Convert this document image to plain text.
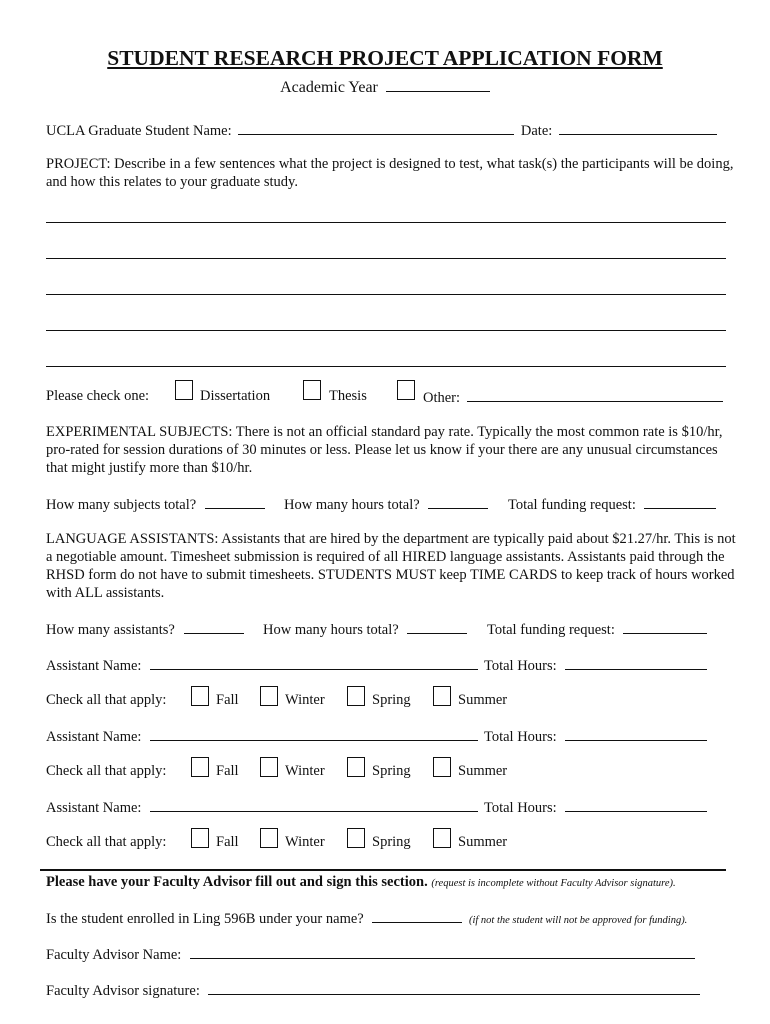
STUDENT RESEARCH PROJECT APPLICATION FORM
Academic Year
UCLA Graduate Student Name:	Date:
PROJECT: Describe in a few sentences what the project is designed to test, what task(s) the participants will be doing, and how this relates to your graduate study.
Please check one:	Dissertation	Thesis	Other:
EXPERIMENTAL SUBJECTS: There is not an official standard pay rate. Typically the most common rate is $10/hr, pro-rated for session durations of 30 minutes or less. Please let us know if your there are any unusual circumstances that might justify more than $10/hr.
How many subjects total?	How many hours total?	Total funding request:
LANGUAGE ASSISTANTS: Assistants that are hired by the department are typically paid about $21.27/hr. This is not a negotiable amount. Timesheet submission is required of all HIRED language assistants. Assistants paid through the RHSD form do not have to submit timesheets. STUDENTS MUST keep TIME CARDS to keep track of hours worked with ALL assistants.
How many assistants?	How many hours total?	Total funding request:
Assistant Name:	Total Hours:
Check all that apply:	Fall	Winter	Spring	Summer
Assistant Name:	Total Hours:
Check all that apply:	Fall	Winter	Spring	Summer
Assistant Name:	Total Hours:
Check all that apply:	Fall	Winter	Spring	Summer
Please have your Faculty Advisor fill out and sign this section. (request is incomplete without Faculty Advisor signature).
Is the student enrolled in Ling 596B under your name?	(if not the student will not be approved for funding).
Faculty Advisor Name:
Faculty Advisor signature:
